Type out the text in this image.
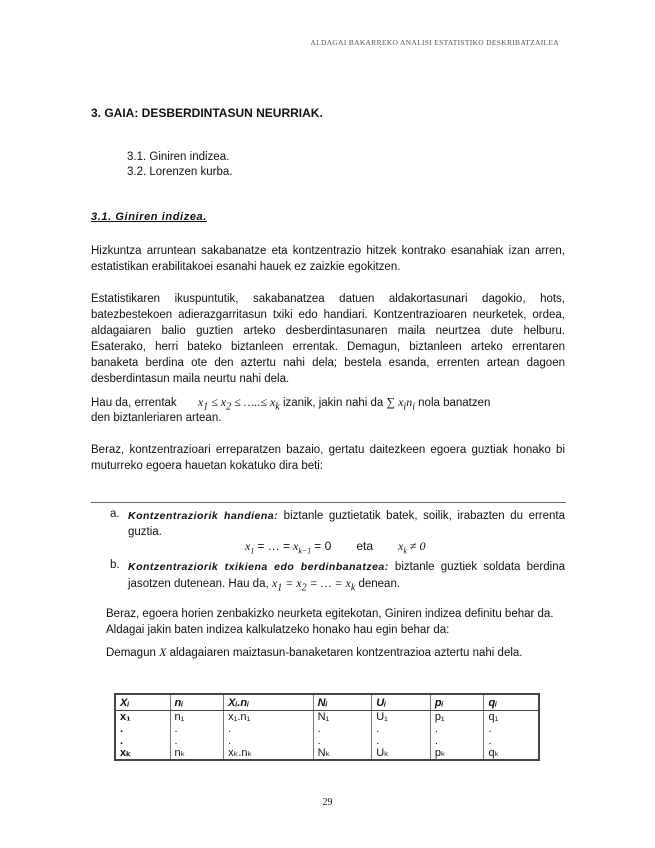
ALDAGAI BAKARREKO ANALISI ESTATISTIKO DESKRIBATZAILEA
3. GAIA: DESBERDINTASUN NEURRIAK.
3.1. Giniren indizea.
3.2. Lorenzen kurba.
3.1. Giniren indizea.
Hizkuntza arruntean sakabanatze eta kontzentrazio hitzek kontrako esanahiak izan arren, estatistikan erabilitakoei esanahi hauek ez zaizkie egokitzen.
Estatistikaren ikuspuntutik, sakabanatzea datuen aldakortasunari dagokio, hots, batezbestekoen adierazgarritasun txiki edo handiari. Kontzentrazioaren neurketek, ordea, aldagaiaren balio guztien arteko desberdintasunaren maila neurtzea dute helburu. Esaterako, herri bateko biztanleen errentak. Demagun, biztanleen arteko errentaren banaketa berdina ote den aztertu nahi dela; bestela esanda, errenten artean dagoen desberdintasun maila neurtu nahi dela.
Hau da, errentak $x_1 \le x_2$ ≤ …..≤ $x_k$ izanik, jakin nahi da ∑ $x_in_i$ nola banatzen
den biztanleriaren artean.
Beraz, kontzentrazioari erreparatzen bazaio, gertatu daitezkeen egoera guztiak honako bi muturreko egoera hauetan kokatuko dira beti:
a. Kontzentraziorik handiena: biztanle guztietatik batek, soilik, irabazten du errenta guztia.
$x_1$ = … = $x_{k-1} = 0$ eta $x_k \ne 0$
b. Kontzentraziorik txikiena edo berdinbanatzea: biztanle guztiek soldata berdina jasotzen dutenean. Hau da, $x_1 = x_2$ = … = $x_k$ denean.
Beraz, egoera horien zenbakizko neurketa egitekotan, Giniren indizea definitu behar da. Aldagai jakin baten indizea kalkulatzeko honako hau egin behar da:
Demagun X aldagaiaren maiztasun-banaketaren kontzentrazioa aztertu nahi dela.
Xᵢ	nᵢ	Xᵢ.nᵢ	Nᵢ	Uᵢ	pᵢ	qᵢ
x₁	n₁	x₁.n₁	N₁	U₁	p₁	q₁
.	.	.	.	.	.	.
.	.	.	.	.	.	.
xₖ	nₖ	xₖ.nₖ	Nₖ	Uₖ	pₖ	qₖ
29
